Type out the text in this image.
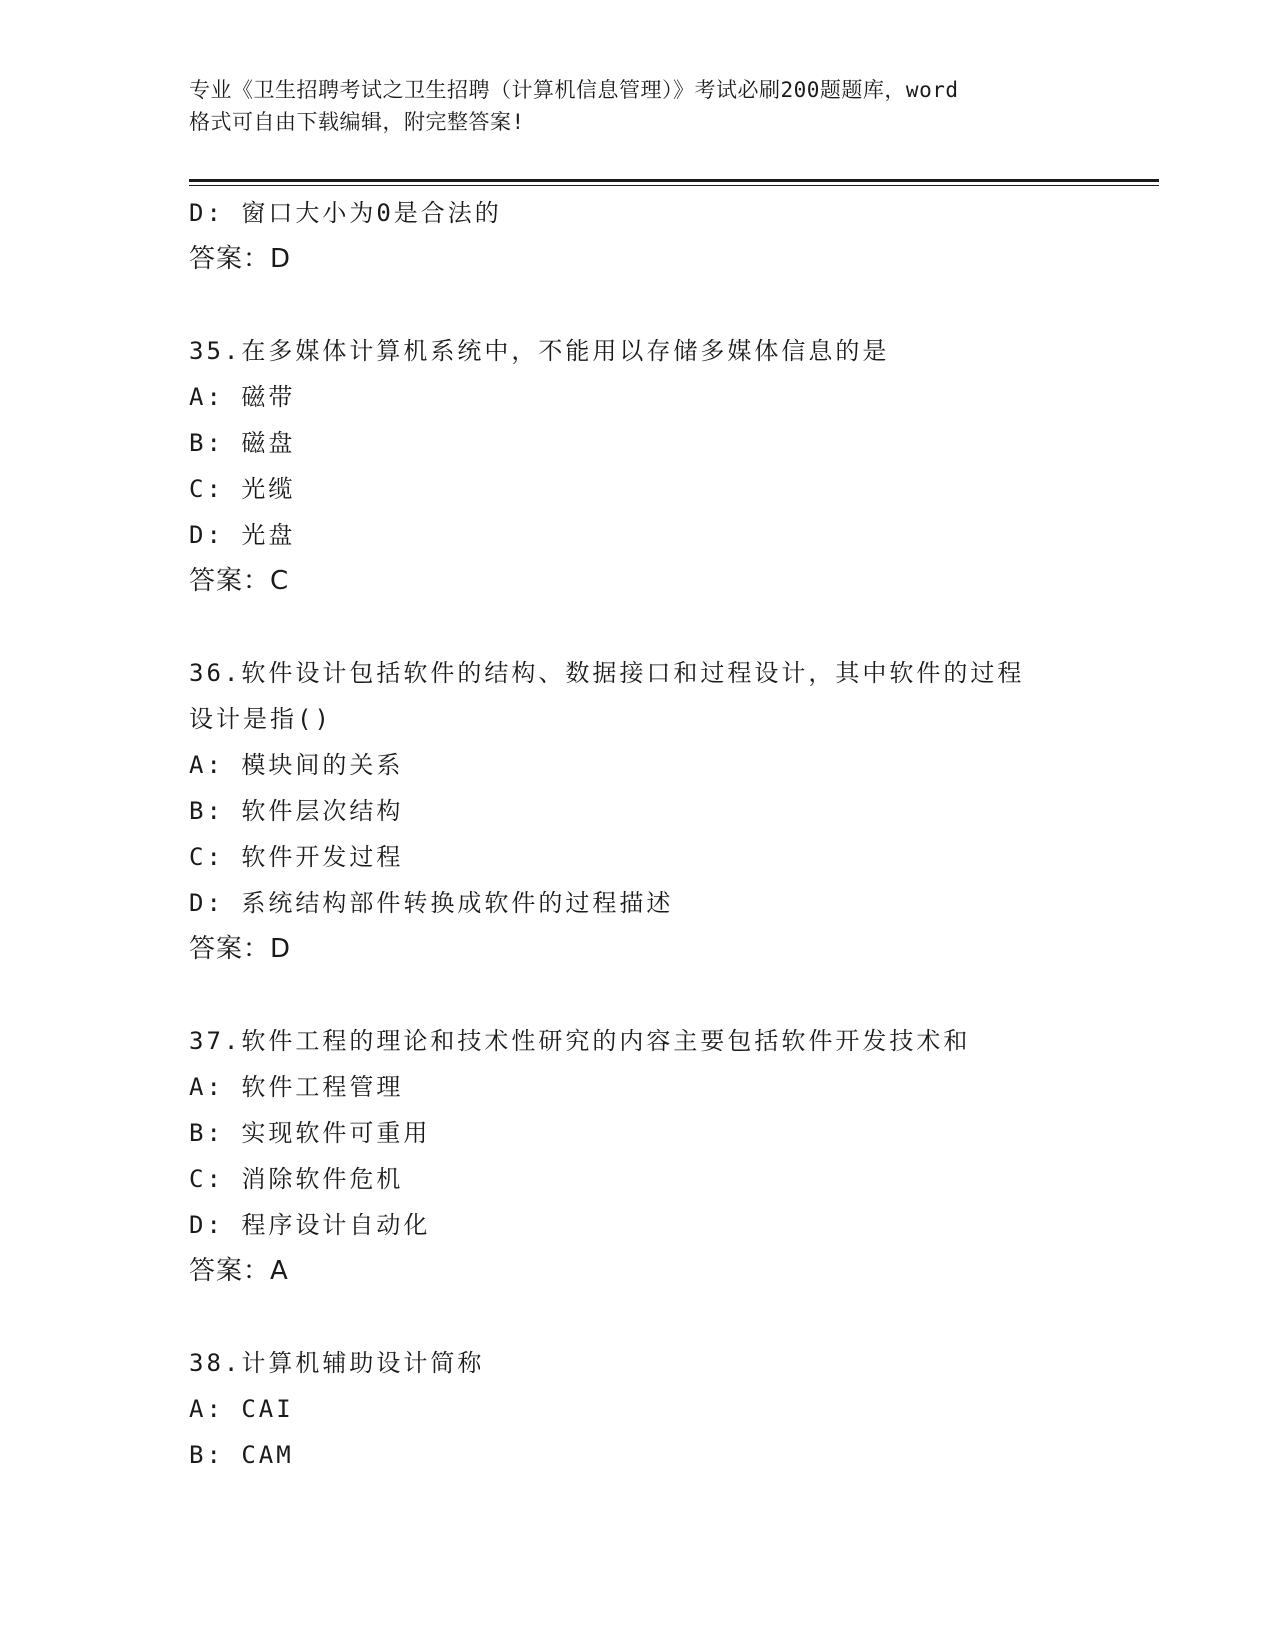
专业《卫生招聘考试之卫生招聘（计算机信息管理）》考试必刷200题题库，word
格式可自由下载编辑，附完整答案!
D: 窗口大小为0是合法的
答案：D
35.在多媒体计算机系统中，不能用以存储多媒体信息的是
A: 磁带
B: 磁盘
C: 光缆
D: 光盘
答案：C
36.软件设计包括软件的结构、数据接口和过程设计，其中软件的过程
设计是指()
A: 模块间的关系
B: 软件层次结构
C: 软件开发过程
D: 系统结构部件转换成软件的过程描述
答案：D
37.软件工程的理论和技术性研究的内容主要包括软件开发技术和
A: 软件工程管理
B: 实现软件可重用
C: 消除软件危机
D: 程序设计自动化
答案：A
38.计算机辅助设计简称
A: CAI
B: CAM
